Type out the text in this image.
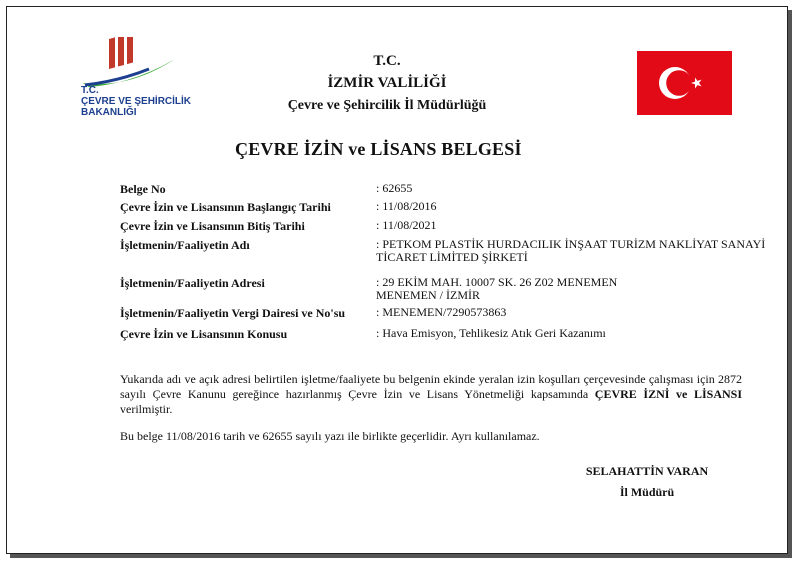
T.C.
ÇEVRE VE ŞEHİRCİLİK
BAKANLIĞI
T.C.
İZMİR VALİLİĞİ
Çevre ve Şehircilik İl Müdürlüğü
ÇEVRE İZİN ve LİSANS BELGESİ
Belge No	: 62655
Çevre İzin ve Lisansının Başlangıç Tarihi	: 11/08/2016
Çevre İzin ve Lisansının Bitiş Tarihi	: 11/08/2021
İşletmenin/Faaliyetin Adı	: PETKOM PLASTİK HURDACILIK İNŞAAT TURİZM NAKLİYAT SANAYİ TİCARET LİMİTED ŞİRKETİ
İşletmenin/Faaliyetin Adresi	: 29 EKİM MAH. 10007 SK. 26 Z02 MENEMEN MENEMEN / İZMİR
İşletmenin/Faaliyetin Vergi Dairesi ve No'su	: MENEMEN/7290573863
Çevre İzin ve Lisansının Konusu	: Hava Emisyon, Tehlikesiz Atık Geri Kazanımı
Yukarıda adı ve açık adresi belirtilen işletme/faaliyete bu belgenin ekinde yeralan izin koşulları çerçevesinde çalışması için 2872 sayılı Çevre Kanunu gereğince hazırlanmış Çevre İzin ve Lisans Yönetmeliği kapsamında ÇEVRE İZNİ ve LİSANSI verilmiştir.
Bu belge 11/08/2016 tarih ve 62655 sayılı yazı ile birlikte geçerlidir. Ayrı kullanılamaz.
SELAHATTİN VARAN
İl Müdürü
